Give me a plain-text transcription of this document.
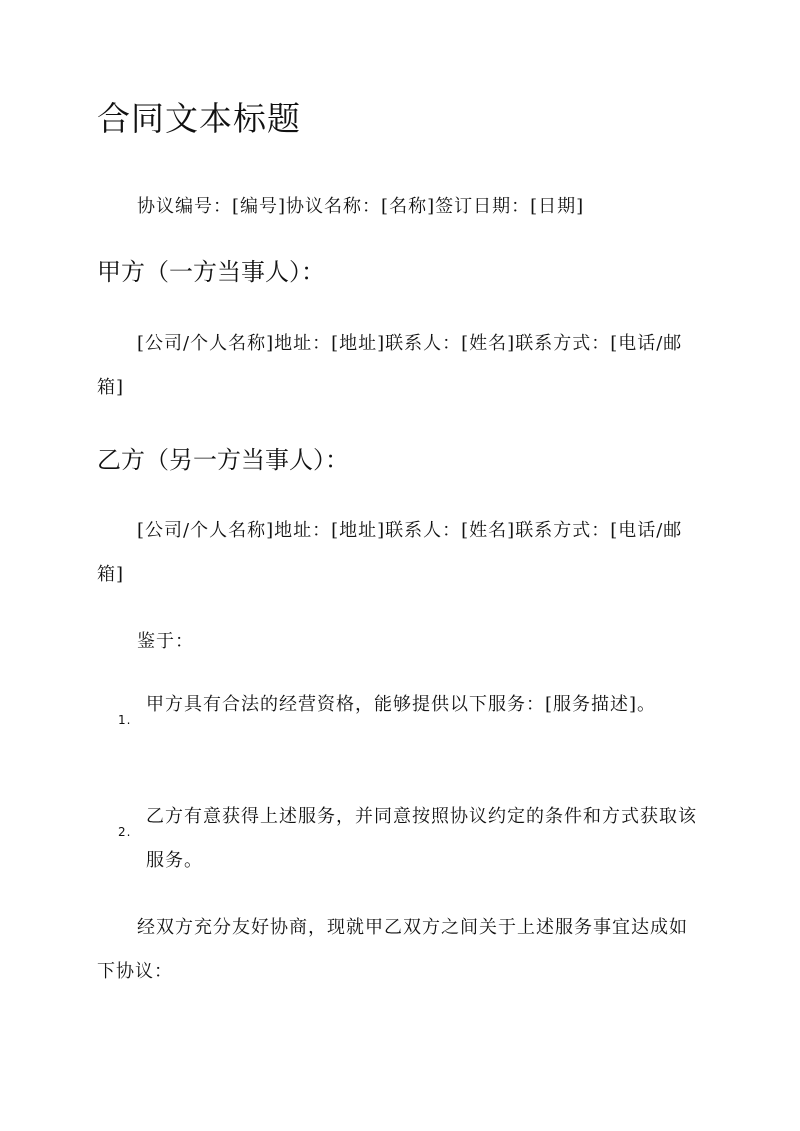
合同文本标题
协议编号：[编号]协议名称：[名称]签订日期：[日期]
甲方（一方当事人）：
[公司/个人名称]地址：[地址]联系人：[姓名]联系方式：[电话/邮箱]
乙方（另一方当事人）：
[公司/个人名称]地址：[地址]联系人：[姓名]联系方式：[电话/邮箱]
鉴于：
1.
甲方具有合法的经营资格，能够提供以下服务：[服务描述]。
2.
乙方有意获得上述服务，并同意按照协议约定的条件和方式获取该服务。
经双方充分友好协商，现就甲乙双方之间关于上述服务事宜达成如下协议：
